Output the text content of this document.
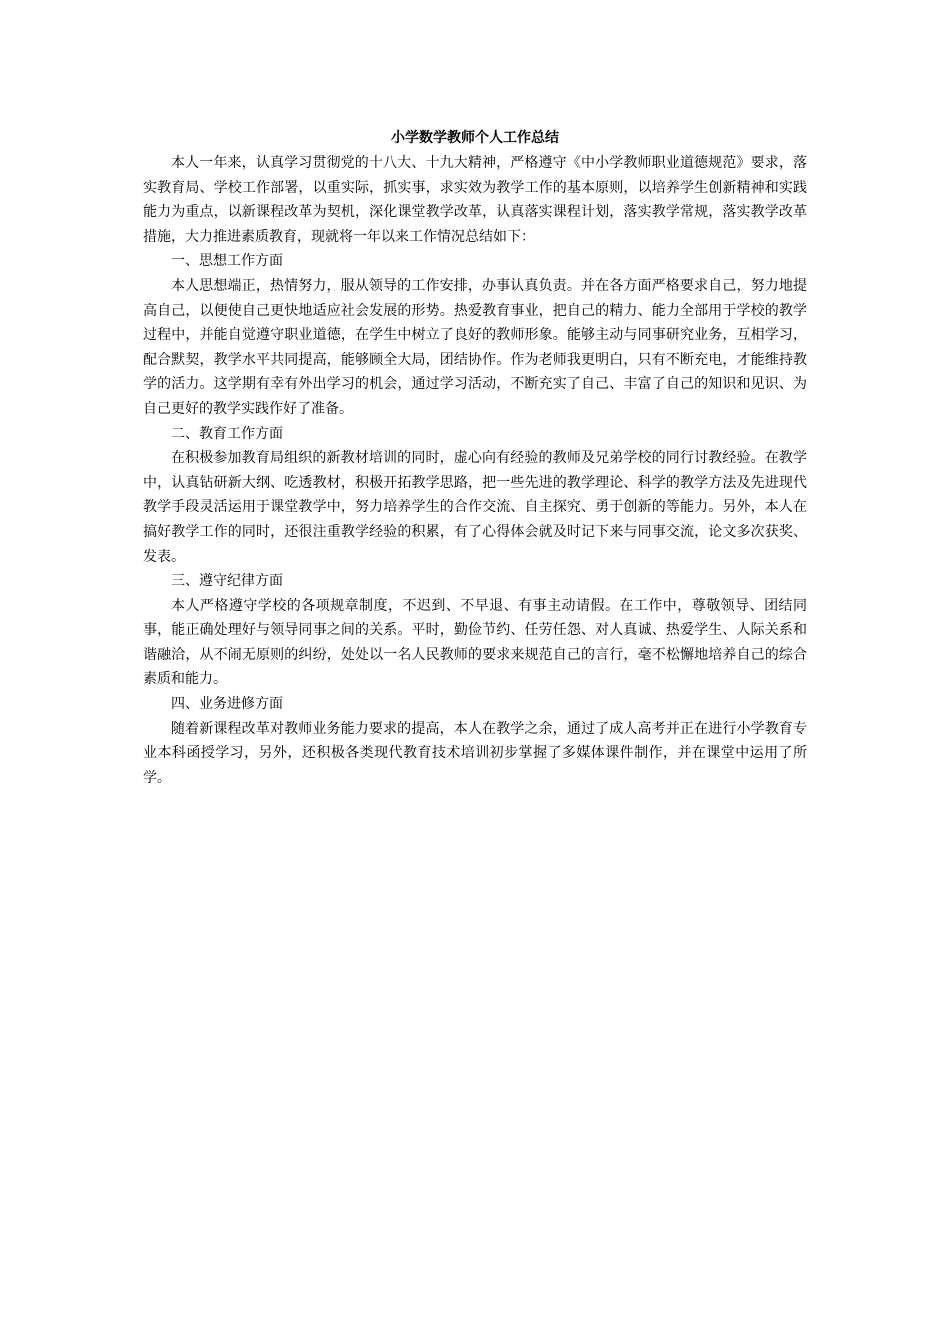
小学数学教师个人工作总结

本人一年来，认真学习贯彻党的十八大、十九大精神，严格遵守《中小学教师职业道德规范》要求，落实教育局、学校工作部署，以重实际，抓实事，求实效为教学工作的基本原则，以培养学生创新精神和实践能力为重点，以新课程改革为契机，深化课堂教学改革，认真落实课程计划，落实教学常规，落实教学改革措施，大力推进素质教育，现就将一年以来工作情况总结如下：

一、思想工作方面

本人思想端正，热情努力，服从领导的工作安排，办事认真负责。并在各方面严格要求自己，努力地提高自己，以便使自己更快地适应社会发展的形势。热爱教育事业，把自己的精力、能力全部用于学校的教学过程中，并能自觉遵守职业道德，在学生中树立了良好的教师形象。能够主动与同事研究业务，互相学习，配合默契，教学水平共同提高，能够顾全大局，团结协作。作为老师我更明白，只有不断充电，才能维持教学的活力。这学期有幸有外出学习的机会，通过学习活动，不断充实了自己、丰富了自己的知识和见识、为自己更好的教学实践作好了准备。

二、教育工作方面

在积极参加教育局组织的新教材培训的同时，虚心向有经验的教师及兄弟学校的同行讨教经验。在教学中，认真钻研新大纲、吃透教材，积极开拓教学思路，把一些先进的教学理论、科学的教学方法及先进现代教学手段灵活运用于课堂教学中，努力培养学生的合作交流、自主探究、勇于创新的等能力。另外，本人在搞好教学工作的同时，还很注重教学经验的积累，有了心得体会就及时记下来与同事交流，论文多次获奖、发表。

三、遵守纪律方面

本人严格遵守学校的各项规章制度，不迟到、不早退、有事主动请假。在工作中，尊敬领导、团结同事，能正确处理好与领导同事之间的关系。平时，勤俭节约、任劳任怨、对人真诚、热爱学生、人际关系和谐融洽，从不闹无原则的纠纷，处处以一名人民教师的要求来规范自己的言行，毫不松懈地培养自己的综合素质和能力。

四、业务进修方面

随着新课程改革对教师业务能力要求的提高，本人在教学之余，通过了成人高考并正在进行小学教育专业本科函授学习，另外，还积极各类现代教育技术培训初步掌握了多媒体课件制作，并在课堂中运用了所学。
